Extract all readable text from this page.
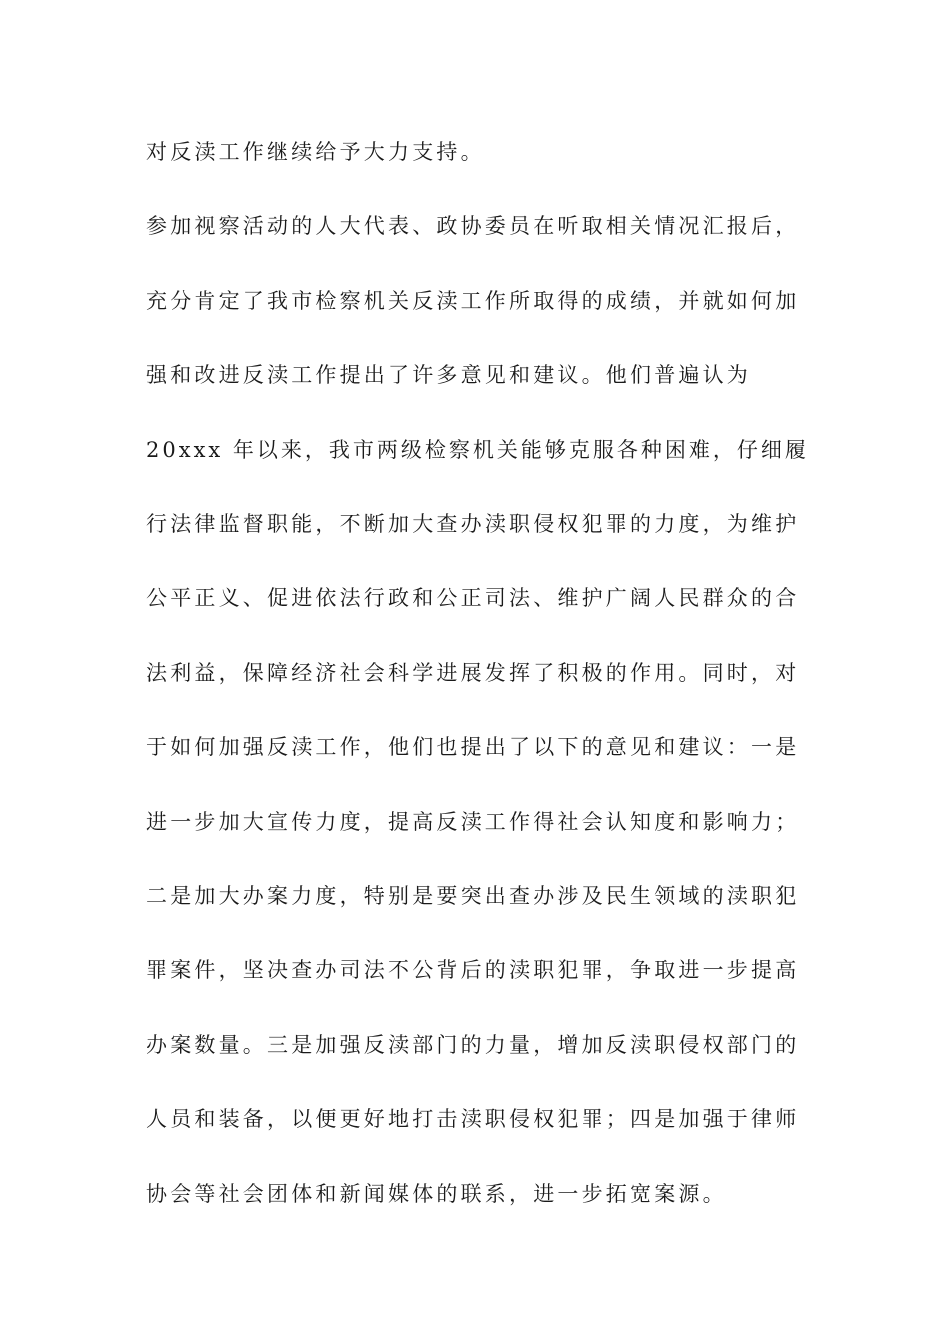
对反渎工作继续给予大力支持。

参加视察活动的人大代表、政协委员在听取相关情况汇报后，

充分肯定了我市检察机关反渎工作所取得的成绩，并就如何加

强和改进反渎工作提出了许多意见和建议。他们普遍认为

20xxx 年以来，我市两级检察机关能够克服各种困难，仔细履

行法律监督职能，不断加大查办渎职侵权犯罪的力度，为维护

公平正义、促进依法行政和公正司法、维护广阔人民群众的合

法利益，保障经济社会科学进展发挥了积极的作用。同时，对

于如何加强反渎工作，他们也提出了以下的意见和建议：一是

进一步加大宣传力度，提高反渎工作得社会认知度和影响力；

二是加大办案力度，特别是要突出查办涉及民生领域的渎职犯

罪案件，坚决查办司法不公背后的渎职犯罪，争取进一步提高

办案数量。三是加强反渎部门的力量，增加反渎职侵权部门的

人员和装备，以便更好地打击渎职侵权犯罪；四是加强于律师

协会等社会团体和新闻媒体的联系，进一步拓宽案源。
